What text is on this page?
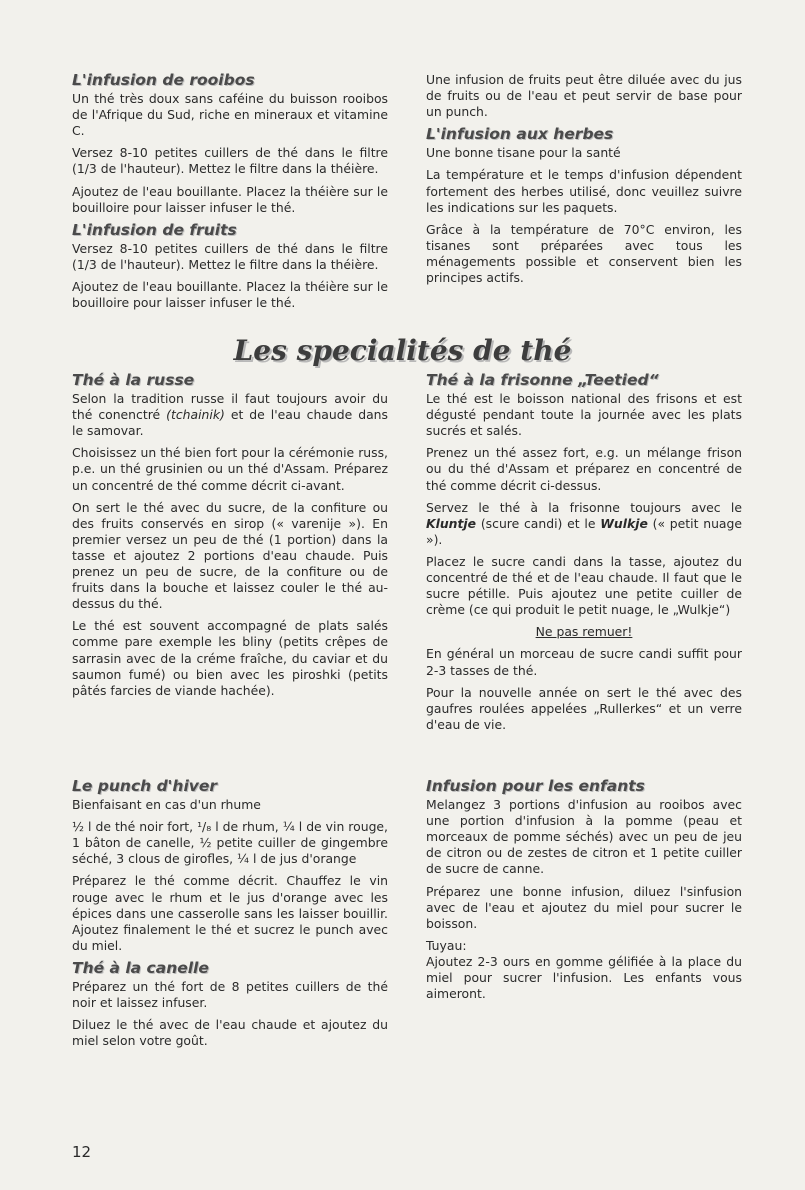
L'infusion de rooibos

Un thé très doux sans caféine du buisson rooibos de l'Afrique du Sud, riche en mineraux et vitamine C.

Versez 8-10 petites cuillers de thé dans le filtre (1/3 de l'hauteur). Mettez le filtre dans la théière.

Ajoutez de l'eau bouillante. Placez la théière sur le bouilloire pour laisser infuser le thé.

L'infusion de fruits

Versez 8-10 petites cuillers de thé dans le filtre (1/3 de l'hauteur). Mettez le filtre dans la théière.

Ajoutez de l'eau bouillante. Placez la théière sur le bouilloire pour laisser infuser le thé.

Une infusion de fruits peut être diluée avec du jus de fruits ou de l'eau et peut servir de base pour un punch.

L'infusion aux herbes

Une bonne tisane pour la santé

La température et le temps d'infusion dépendent fortement des herbes utilisé, donc veuillez suivre les indications sur les paquets.

Grâce à la température de 70°C environ, les tisanes sont préparées avec tous les ménagements possible et conservent bien les principes actifs.

Les specialités de thé
Thé à la russe

Selon la tradition russe il faut toujours avoir du thé conenctré (tchainik) et de l'eau chaude dans le samovar.

Choisissez un thé bien fort pour la cérémonie russ, p.e. un thé grusinien ou un thé d'Assam. Préparez un concentré de thé comme décrit ci-avant.

On sert le thé avec du sucre, de la confiture ou des fruits conservés en sirop (« varenije »). En premier versez un peu de thé (1 portion) dans la tasse et ajoutez 2 portions d'eau chaude. Puis prenez un peu de sucre, de la confiture ou de fruits dans la bouche et laissez couler le thé au-dessus du thé.

Le thé est souvent accompagné de plats salés comme pare exemple les bliny (petits crêpes de sarrasin avec de la créme fraîche, du caviar et du saumon fumé) ou bien avec les piroshki (petits pâtés farcies de viande hachée).

Thé à la frisonne „Teetied“

Le thé est le boisson national des frisons et est dégusté pendant toute la journée avec les plats sucrés et salés.

Prenez un thé assez fort, e.g. un mélange frison ou du thé d'Assam et préparez en concentré de thé comme décrit ci-dessus.

Servez le thé à la frisonne toujours avec le Kluntje (scure candi) et le Wulkje (« petit nuage »).

Placez le sucre candi dans la tasse, ajoutez du concentré de thé et de l'eau chaude. Il faut que le sucre pétille. Puis ajoutez une petite cuiller de crème (ce qui produit le petit nuage, le „Wulkje“)

Ne pas remuer!

En général un morceau de sucre candi suffit pour 2-3 tasses de thé.

Pour la nouvelle année on sert le thé avec des gaufres roulées appelées „Rullerkes“ et un verre d'eau de vie.

Le punch d'hiver

Bienfaisant en cas d'un rhume

½ l de thé noir fort, ¹/₈ l de rhum, ¼ l de vin rouge, 1 bâton de canelle, ½ petite cuiller de gingembre séché, 3 clous de girofles, ¼ l de jus d'orange

Préparez le thé comme décrit. Chauffez le vin rouge avec le rhum et le jus d'orange avec les épices dans une casserolle sans les laisser bouillir. Ajoutez finalement le thé et sucrez le punch avec du miel.

Thé à la canelle

Préparez un thé fort de 8 petites cuillers de thé noir et laissez infuser.

Diluez le thé avec de l'eau chaude et ajoutez du miel selon votre goût.

Infusion pour les enfants

Melangez 3 portions d'infusion au rooibos avec une portion d'infusion à la pomme (peau et morceaux de pomme séchés) avec un peu de jeu de citron ou de zestes de citron et 1 petite cuiller de sucre de canne.

Préparez une bonne infusion, diluez l'sinfusion avec de l'eau et ajoutez du miel pour sucrer le boisson.

Tuyau:

Ajoutez 2-3 ours en gomme gélifiée à la place du miel pour sucrer l'infusion. Les enfants vous aimeront.

12
